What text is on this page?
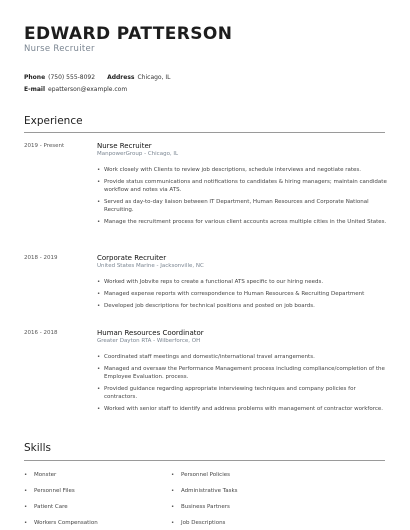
EDWARD PATTERSON
Nurse Recruiter
Phone (750) 555-8092 Address Chicago, IL
E-mail epatterson@example.com
Experience
2019 - Present	Nurse Recruiter
ManpowerGroup - Chicago, IL
• Work closely with Clients to review job descriptions, schedule interviews and negotiate rates.
• Provide status communications and notifications to candidates & hiring managers; maintain candidate workflow and notes via ATS.
• Served as day-to-day liaison between IT Department, Human Resources and Corporate National Recruiting.
• Manage the recruitment process for various client accounts across multiple cities in the United States.
2018 - 2019	Corporate Recruiter
United States Marine - Jacksonville, NC
• Worked with Jobvite reps to create a functional ATS specific to our hiring needs.
• Managed expense reports with correspondence to Human Resources & Recruiting Department
• Developed job descriptions for technical positions and posted on job boards.
2016 - 2018	Human Resources Coordinator
Greater Dayton RTA - Wilberforce, OH
• Coordinated staff meetings and domestic/international travel arrangements.
• Managed and oversaw the Performance Management process including compliance/completion of the Employee Evaluation. process.
• Provided guidance regarding appropriate interviewing techniques and company policies for contractors.
• Worked with senior staff to identify and address problems with management of contractor workforce.
Skills
• Monster
• Personnel Files
• Patient Care
• Workers Compensation
• Personnel Policies
• Administrative Tasks
• Business Partners
• Job Descriptions
